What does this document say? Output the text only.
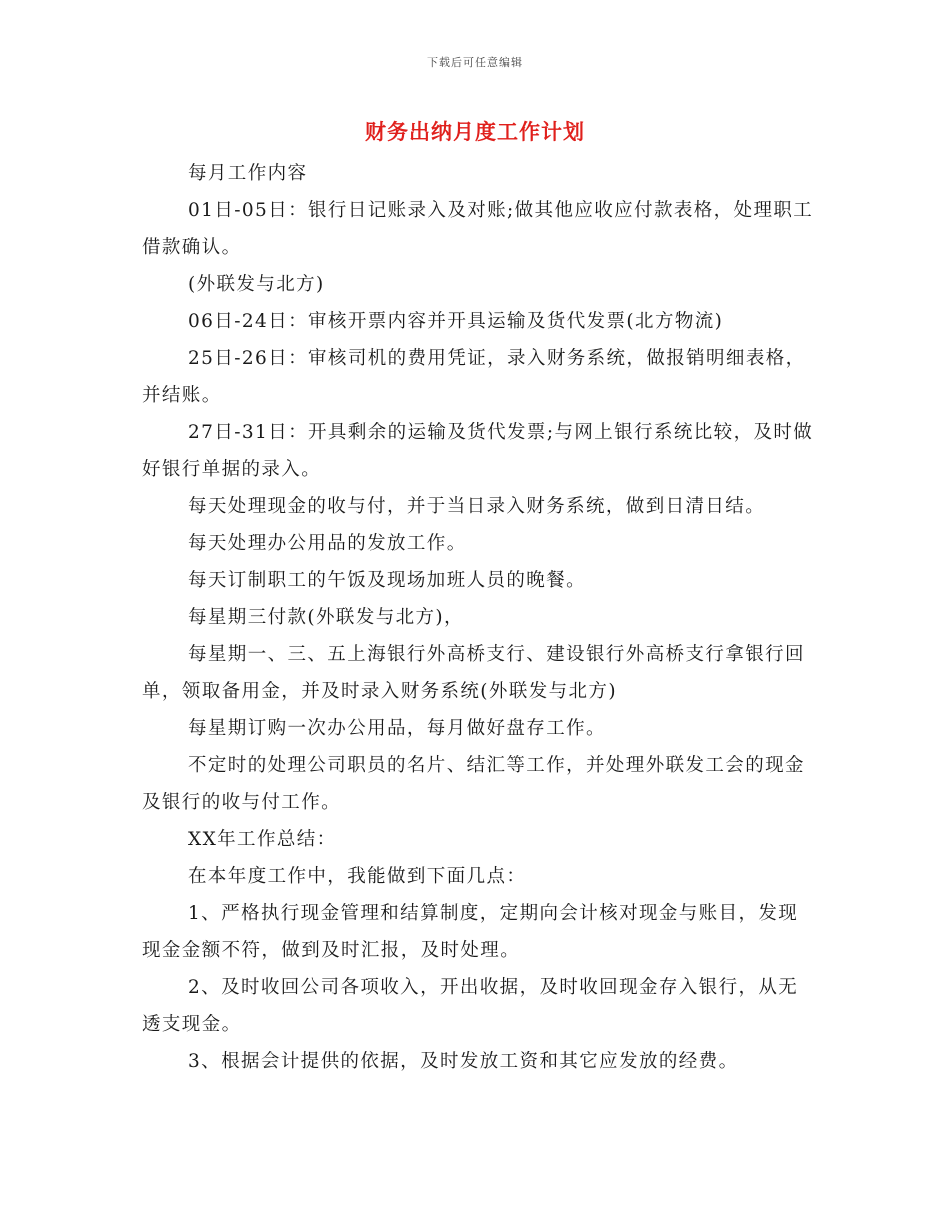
下载后可任意编辑
财务出纳月度工作计划

每月工作内容

01日-05日：银行日记账录入及对账;做其他应收应付款表格，处理职工借款确认。

(外联发与北方)

06日-24日：审核开票内容并开具运输及货代发票(北方物流)

25日-26日：审核司机的费用凭证，录入财务系统，做报销明细表格，并结账。

27日-31日：开具剩余的运输及货代发票;与网上银行系统比较，及时做好银行单据的录入。

每天处理现金的收与付，并于当日录入财务系统，做到日清日结。

每天处理办公用品的发放工作。

每天订制职工的午饭及现场加班人员的晚餐。

每星期三付款(外联发与北方)，

每星期一、三、五上海银行外高桥支行、建设银行外高桥支行拿银行回单，领取备用金，并及时录入财务系统(外联发与北方)

每星期订购一次办公用品，每月做好盘存工作。

不定时的处理公司职员的名片、结汇等工作，并处理外联发工会的现金及银行的收与付工作。

XX年工作总结：

在本年度工作中，我能做到下面几点：

1、严格执行现金管理和结算制度，定期向会计核对现金与账目，发现现金金额不符，做到及时汇报，及时处理。

2、及时收回公司各项收入，开出收据，及时收回现金存入银行，从无透支现金。

3、根据会计提供的依据，及时发放工资和其它应发放的经费。
